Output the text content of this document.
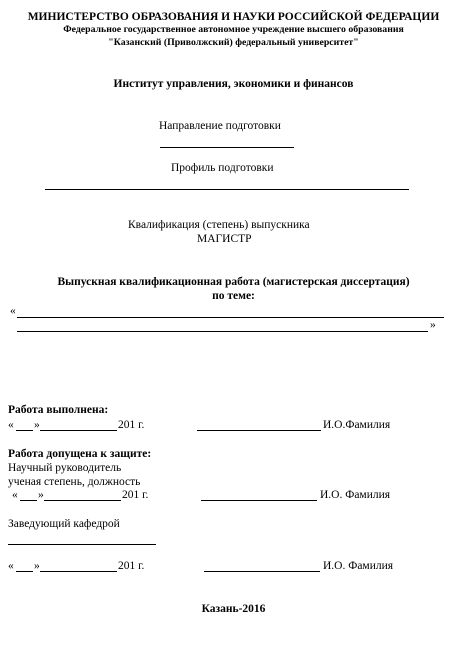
МИНИСТЕРСТВО ОБРАЗОВАНИЯ И НАУКИ РОССИЙСКОЙ ФЕДЕРАЦИИ
Федеральное государственное автономное учреждение высшего образования
"Казанский (Приволжский) федеральный университет"
Институт управления, экономики и финансов
Направление подготовки
Профиль подготовки
Квалификация (степень) выпускника
МАГИСТР
Выпускная квалификационная работа (магистерская диссертация)
по теме:
«
»
Работа выполнена:
« »	201 г.	И.О.Фамилия
Работа допущена к защите:
Научный руководитель
ученая степень, должность
« »	201 г.	И.О. Фамилия
Заведующий кафедрой
« »	201 г.	И.О. Фамилия
Казань-2016
